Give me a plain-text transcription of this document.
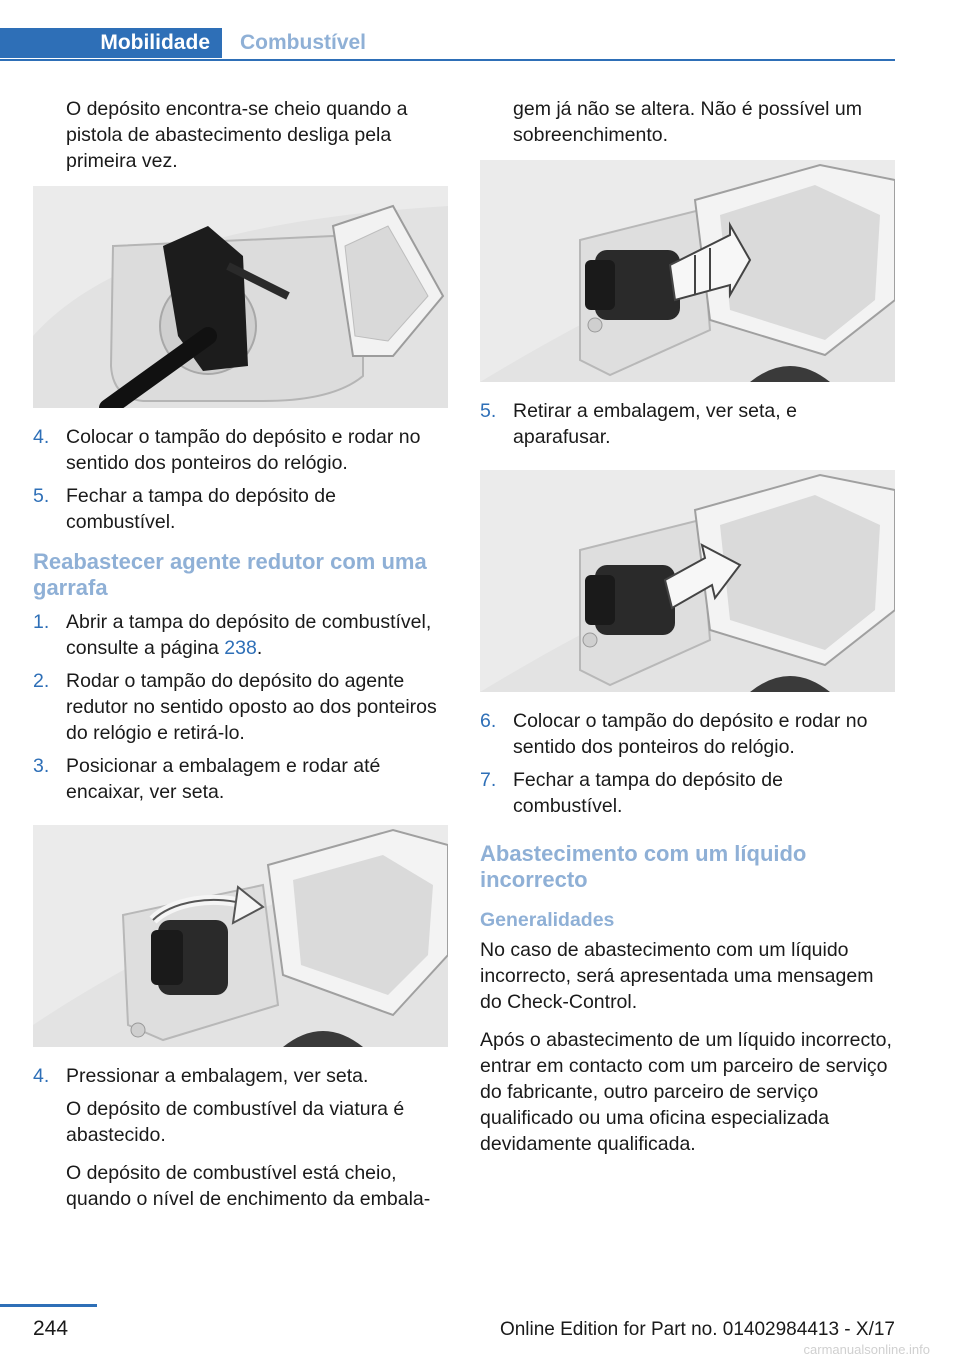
Mobilidade	Combustível

O depósito encontra-se cheio quando a pistola de abastecimento desliga pela primeira vez.

4. Colocar o tampão do depósito e rodar no sentido dos ponteiros do relógio.
5. Fechar a tampa do depósito de combustível.
Reabastecer agente redutor com uma garrafa
1. Abrir a tampa do depósito de combustível, consulte a página 238.
2. Rodar o tampão do depósito do agente redutor no sentido oposto ao dos ponteiros do relógio e retirá-lo.
3. Posicionar a embalagem e rodar até encaixar, ver seta.
4. Pressionar a embalagem, ver seta.

O depósito de combustível da viatura é abastecido.

O depósito de combustível está cheio, quando o nível de enchimento da embala-

gem já não se altera. Não é possível um sobreenchimento.

5. Retirar a embalagem, ver seta, e aparafusar.
6. Colocar o tampão do depósito e rodar no sentido dos ponteiros do relógio.
7. Fechar a tampa do depósito de combustível.
Abastecimento com um líquido incorrecto
Generalidades

No caso de abastecimento com um líquido incorrecto, será apresentada uma mensagem do Check-Control.

Após o abastecimento de um líquido incorrecto, entrar em contacto com um parceiro de serviço do fabricante, outro parceiro de serviço qualificado ou uma oficina especializada devidamente qualificada.

244	Online Edition for Part no. 01402984413 - X/17
carmanualsonline.info
